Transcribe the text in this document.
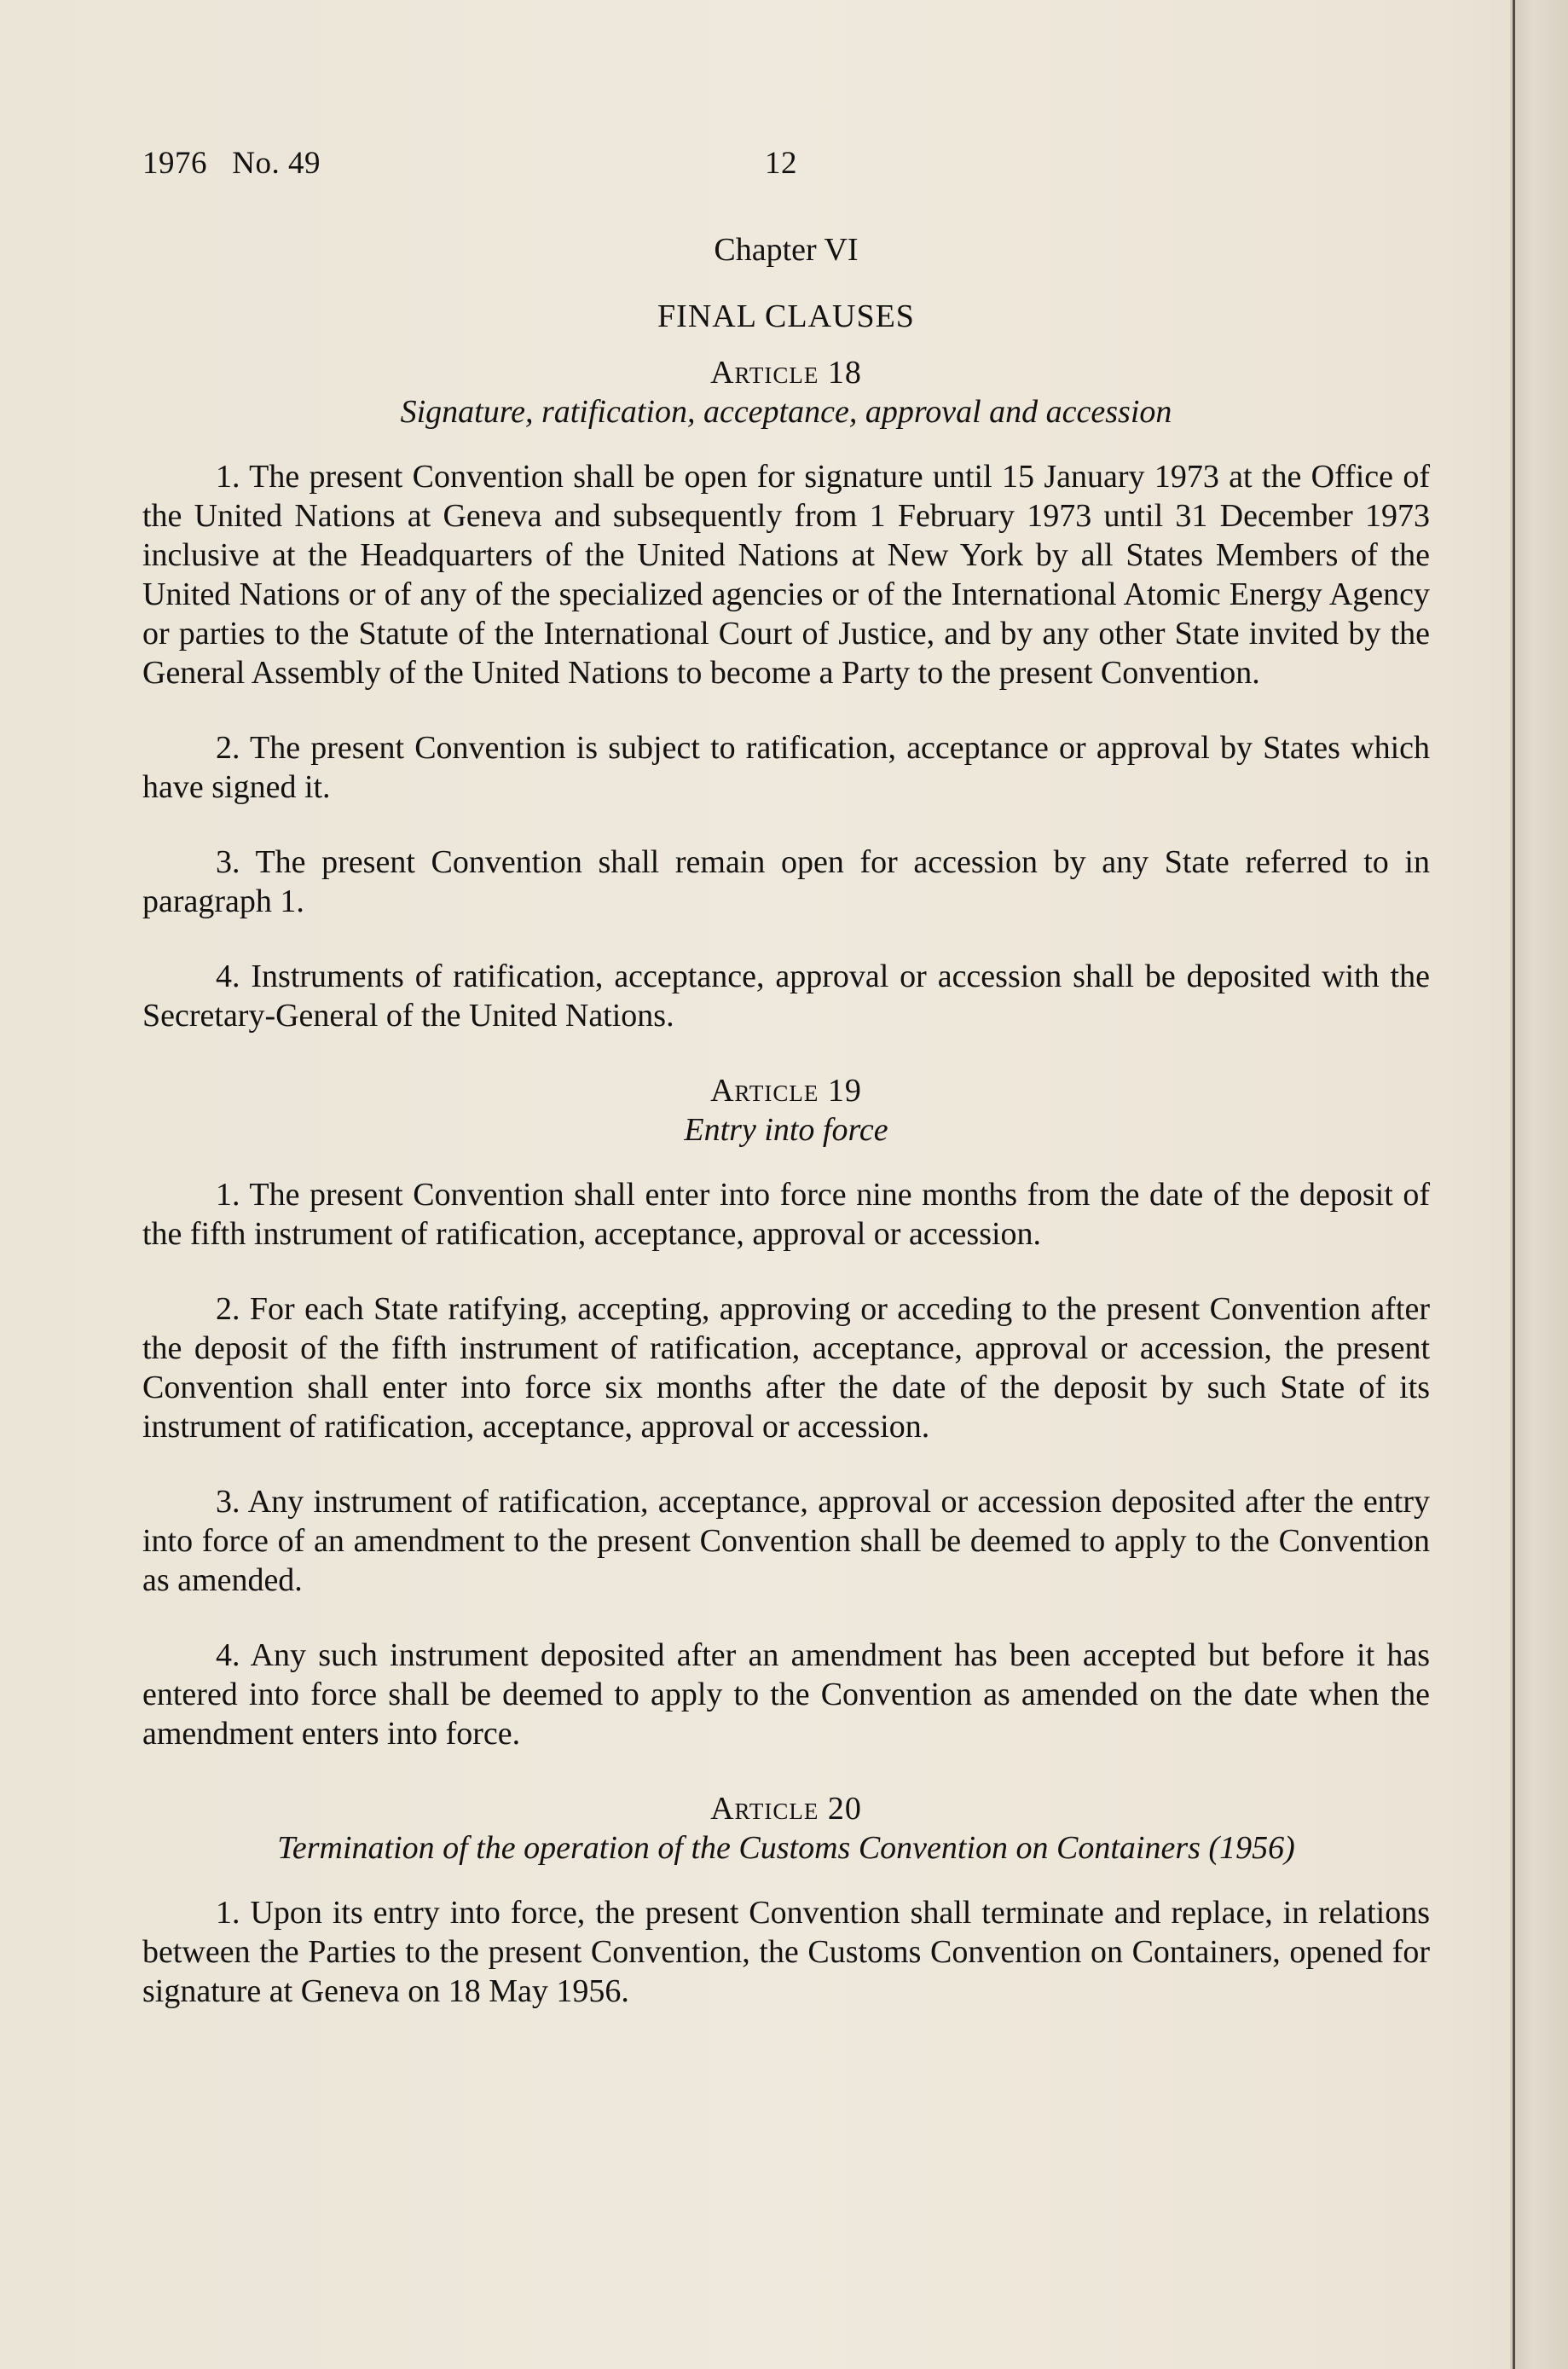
1976   No. 49	12
Chapter VI
FINAL CLAUSES
Article 18
Signature, ratification, acceptance, approval and accession

1. The present Convention shall be open for signature until 15 January 1973 at the Office of the United Nations at Geneva and subsequently from 1 February 1973 until 31 December 1973 inclusive at the Headquarters of the United Nations at New York by all States Members of the United Nations or of any of the specialized agencies or of the International Atomic Energy Agency or parties to the Statute of the International Court of Justice, and by any other State invited by the General Assembly of the United Nations to become a Party to the present Convention.

2. The present Convention is subject to ratification, acceptance or approval by States which have signed it.

3. The present Convention shall remain open for accession by any State referred to in paragraph 1.

4. Instruments of ratification, acceptance, approval or accession shall be deposited with the Secretary-General of the United Nations.

Article 19
Entry into force

1. The present Convention shall enter into force nine months from the date of the deposit of the fifth instrument of ratification, acceptance, approval or accession.

2. For each State ratifying, accepting, approving or acceding to the present Convention after the deposit of the fifth instrument of ratification, acceptance, approval or accession, the present Convention shall enter into force six months after the date of the deposit by such State of its instrument of ratification, acceptance, approval or accession.

3. Any instrument of ratification, acceptance, approval or accession deposited after the entry into force of an amendment to the present Convention shall be deemed to apply to the Convention as amended.

4. Any such instrument deposited after an amendment has been accepted but before it has entered into force shall be deemed to apply to the Convention as amended on the date when the amendment enters into force.

Article 20
Termination of the operation of the Customs Convention on Containers (1956)

1. Upon its entry into force, the present Convention shall terminate and replace, in relations between the Parties to the present Convention, the Customs Convention on Containers, opened for signature at Geneva on 18 May 1956.
